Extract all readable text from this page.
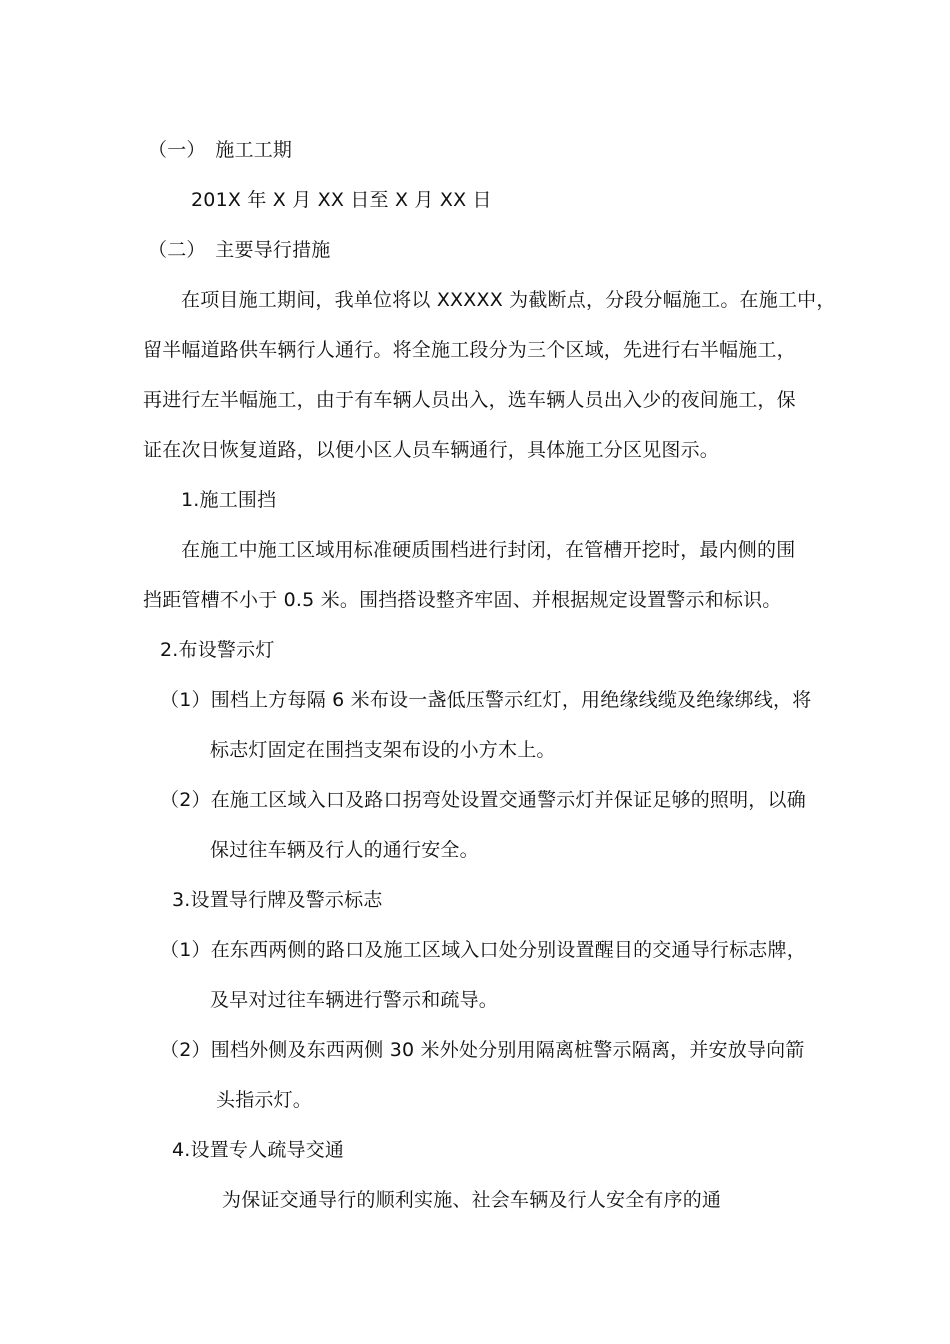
（一）　施工工期
201X 年 X 月 XX 日至 X 月 XX 日
（二）　主要导行措施
在项目施工期间，我单位将以 XXXXX 为截断点，分段分幅施工。在施工中，
留半幅道路供车辆行人通行。将全施工段分为三个区域，先进行右半幅施工，
再进行左半幅施工，由于有车辆人员出入，选车辆人员出入少的夜间施工，保
证在次日恢复道路，以便小区人员车辆通行，具体施工分区见图示。
1.施工围挡
在施工中施工区域用标准硬质围档进行封闭，在管槽开挖时，最内侧的围
挡距管槽不小于 0.5 米。围挡搭设整齐牢固、并根据规定设置警示和标识。
2.布设警示灯
（1）围档上方每隔 6 米布设一盏低压警示红灯，用绝缘线缆及绝缘绑线，将
标志灯固定在围挡支架布设的小方木上。
（2）在施工区域入口及路口拐弯处设置交通警示灯并保证足够的照明，以确
保过往车辆及行人的通行安全。
3.设置导行牌及警示标志
（1）在东西两侧的路口及施工区域入口处分别设置醒目的交通导行标志牌，
及早对过往车辆进行警示和疏导。
（2）围档外侧及东西两侧 30 米外处分别用隔离桩警示隔离，并安放导向箭
头指示灯。
4.设置专人疏导交通
为保证交通导行的顺利实施、社会车辆及行人安全有序的通
